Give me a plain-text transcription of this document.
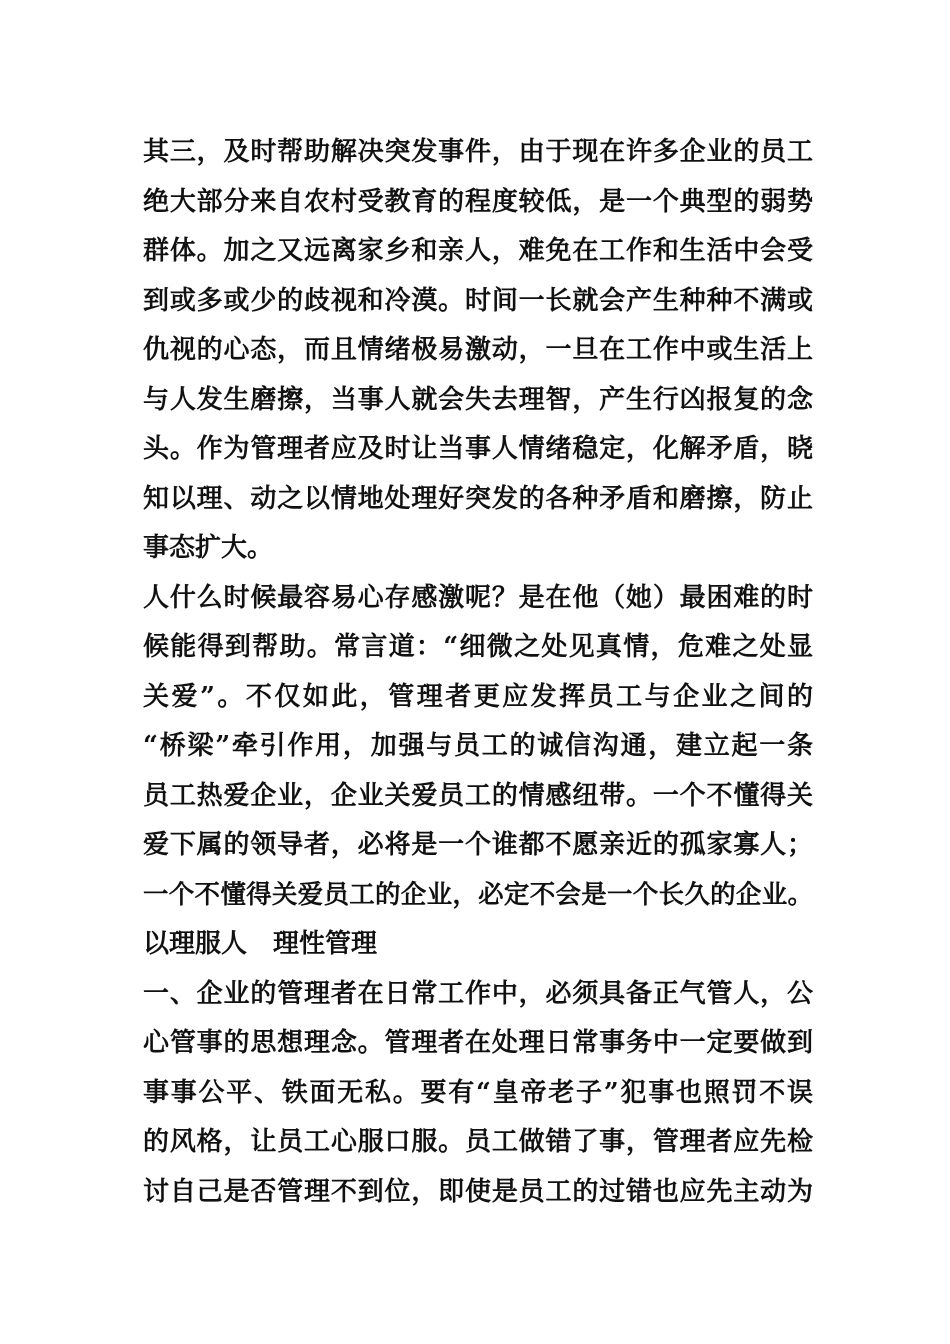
其三，及时帮助解决突发事件，由于现在许多企业的员工
绝大部分来自农村受教育的程度较低，是一个典型的弱势
群体。加之又远离家乡和亲人，难免在工作和生活中会受
到或多或少的歧视和冷漠。时间一长就会产生种种不满或
仇视的心态，而且情绪极易激动，一旦在工作中或生活上
与人发生磨擦，当事人就会失去理智，产生行凶报复的念
头。作为管理者应及时让当事人情绪稳定，化解矛盾，晓
知以理、动之以情地处理好突发的各种矛盾和磨擦，防止
事态扩大。
人什么时候最容易心存感激呢？是在他（她）最困难的时
候能得到帮助。常言道：“细微之处见真情，危难之处显
关爱”。不仅如此，管理者更应发挥员工与企业之间的
“桥梁”牵引作用，加强与员工的诚信沟通，建立起一条
员工热爱企业，企业关爱员工的情感纽带。一个不懂得关
爱下属的领导者，必将是一个谁都不愿亲近的孤家寡人；
一个不懂得关爱员工的企业，必定不会是一个长久的企业。
以理服人　理性管理
一、企业的管理者在日常工作中，必须具备正气管人，公
心管事的思想理念。管理者在处理日常事务中一定要做到
事事公平、铁面无私。要有“皇帝老子”犯事也照罚不误
的风格，让员工心服口服。员工做错了事，管理者应先检
讨自己是否管理不到位，即使是员工的过错也应先主动为
